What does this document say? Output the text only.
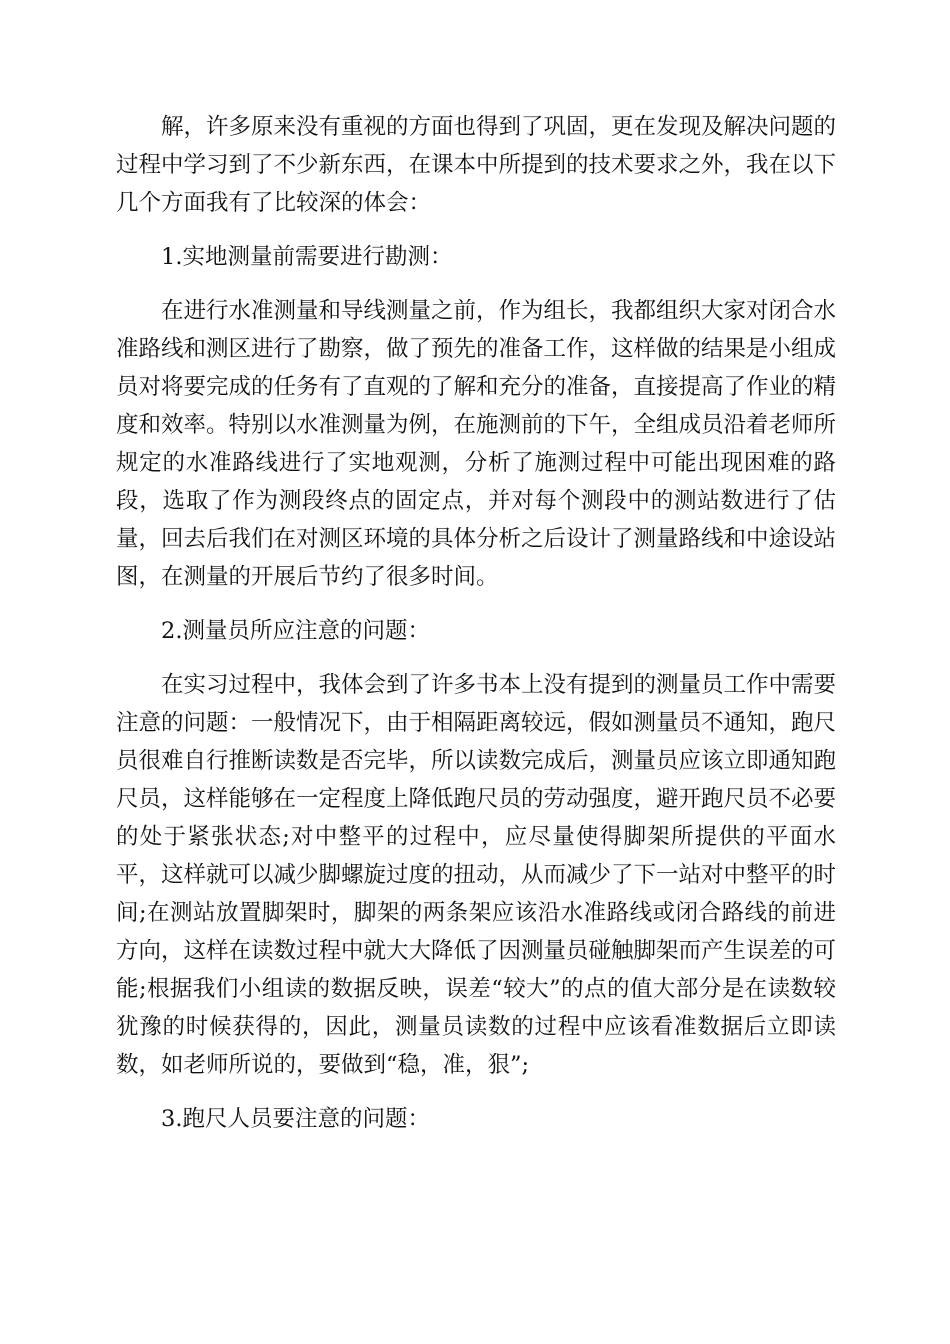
解，许多原来没有重视的方面也得到了巩固，更在发现及解决问题的过程中学习到了不少新东西，在课本中所提到的技术要求之外，我在以下几个方面我有了比较深的体会：

1.实地测量前需要进行勘测：

在进行水准测量和导线测量之前，作为组长，我都组织大家对闭合水准路线和测区进行了勘察，做了预先的准备工作，这样做的结果是小组成员对将要完成的任务有了直观的了解和充分的准备，直接提高了作业的精度和效率。特别以水准测量为例，在施测前的下午，全组成员沿着老师所规定的水准路线进行了实地观测，分析了施测过程中可能出现困难的路段，选取了作为测段终点的固定点，并对每个测段中的测站数进行了估量，回去后我们在对测区环境的具体分析之后设计了测量路线和中途设站图，在测量的开展后节约了很多时间。

2.测量员所应注意的问题：

在实习过程中，我体会到了许多书本上没有提到的测量员工作中需要注意的问题：一般情况下，由于相隔距离较远，假如测量员不通知，跑尺员很难自行推断读数是否完毕，所以读数完成后，测量员应该立即通知跑尺员，这样能够在一定程度上降低跑尺员的劳动强度，避开跑尺员不必要的处于紧张状态;对中整平的过程中，应尽量使得脚架所提供的平面水平，这样就可以减少脚螺旋过度的扭动，从而减少了下一站对中整平的时间;在测站放置脚架时，脚架的两条架应该沿水准路线或闭合路线的前进方向，这样在读数过程中就大大降低了因测量员碰触脚架而产生误差的可能;根据我们小组读的数据反映，误差“较大”的点的值大部分是在读数较犹豫的时候获得的，因此，测量员读数的过程中应该看准数据后立即读数，如老师所说的，要做到“稳，准，狠”;

3.跑尺人员要注意的问题：
